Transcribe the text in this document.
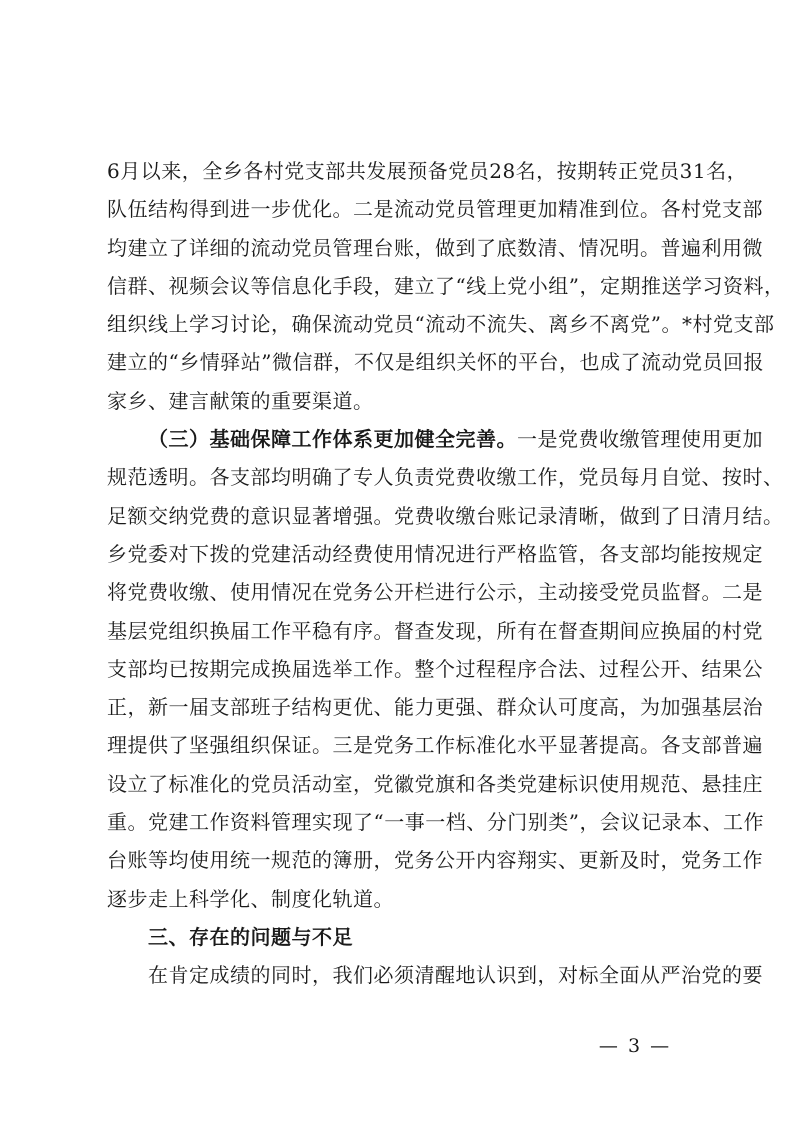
6月以来，全乡各村党支部共发展预备党员28名，按期转正党员31名，
队伍结构得到进一步优化。二是流动党员管理更加精准到位。各村党支部
均建立了详细的流动党员管理台账，做到了底数清、情况明。普遍利用微
信群、视频会议等信息化手段，建立了“线上党小组”，定期推送学习资料，
组织线上学习讨论，确保流动党员“流动不流失、离乡不离党”。*村党支部
建立的“乡情驿站”微信群，不仅是组织关怀的平台，也成了流动党员回报
家乡、建言献策的重要渠道。
（三）基础保障工作体系更加健全完善。一是党费收缴管理使用更加
规范透明。各支部均明确了专人负责党费收缴工作，党员每月自觉、按时、
足额交纳党费的意识显著增强。党费收缴台账记录清晰，做到了日清月结。
乡党委对下拨的党建活动经费使用情况进行严格监管，各支部均能按规定
将党费收缴、使用情况在党务公开栏进行公示，主动接受党员监督。二是
基层党组织换届工作平稳有序。督查发现，所有在督查期间应换届的村党
支部均已按期完成换届选举工作。整个过程程序合法、过程公开、结果公
正，新一届支部班子结构更优、能力更强、群众认可度高，为加强基层治
理提供了坚强组织保证。三是党务工作标准化水平显著提高。各支部普遍
设立了标准化的党员活动室，党徽党旗和各类党建标识使用规范、悬挂庄
重。党建工作资料管理实现了“一事一档、分门别类”，会议记录本、工作
台账等均使用统一规范的簿册，党务公开内容翔实、更新及时，党务工作
逐步走上科学化、制度化轨道。
三、存在的问题与不足
在肯定成绩的同时，我们必须清醒地认识到，对标全面从严治党的要
— 3 —
